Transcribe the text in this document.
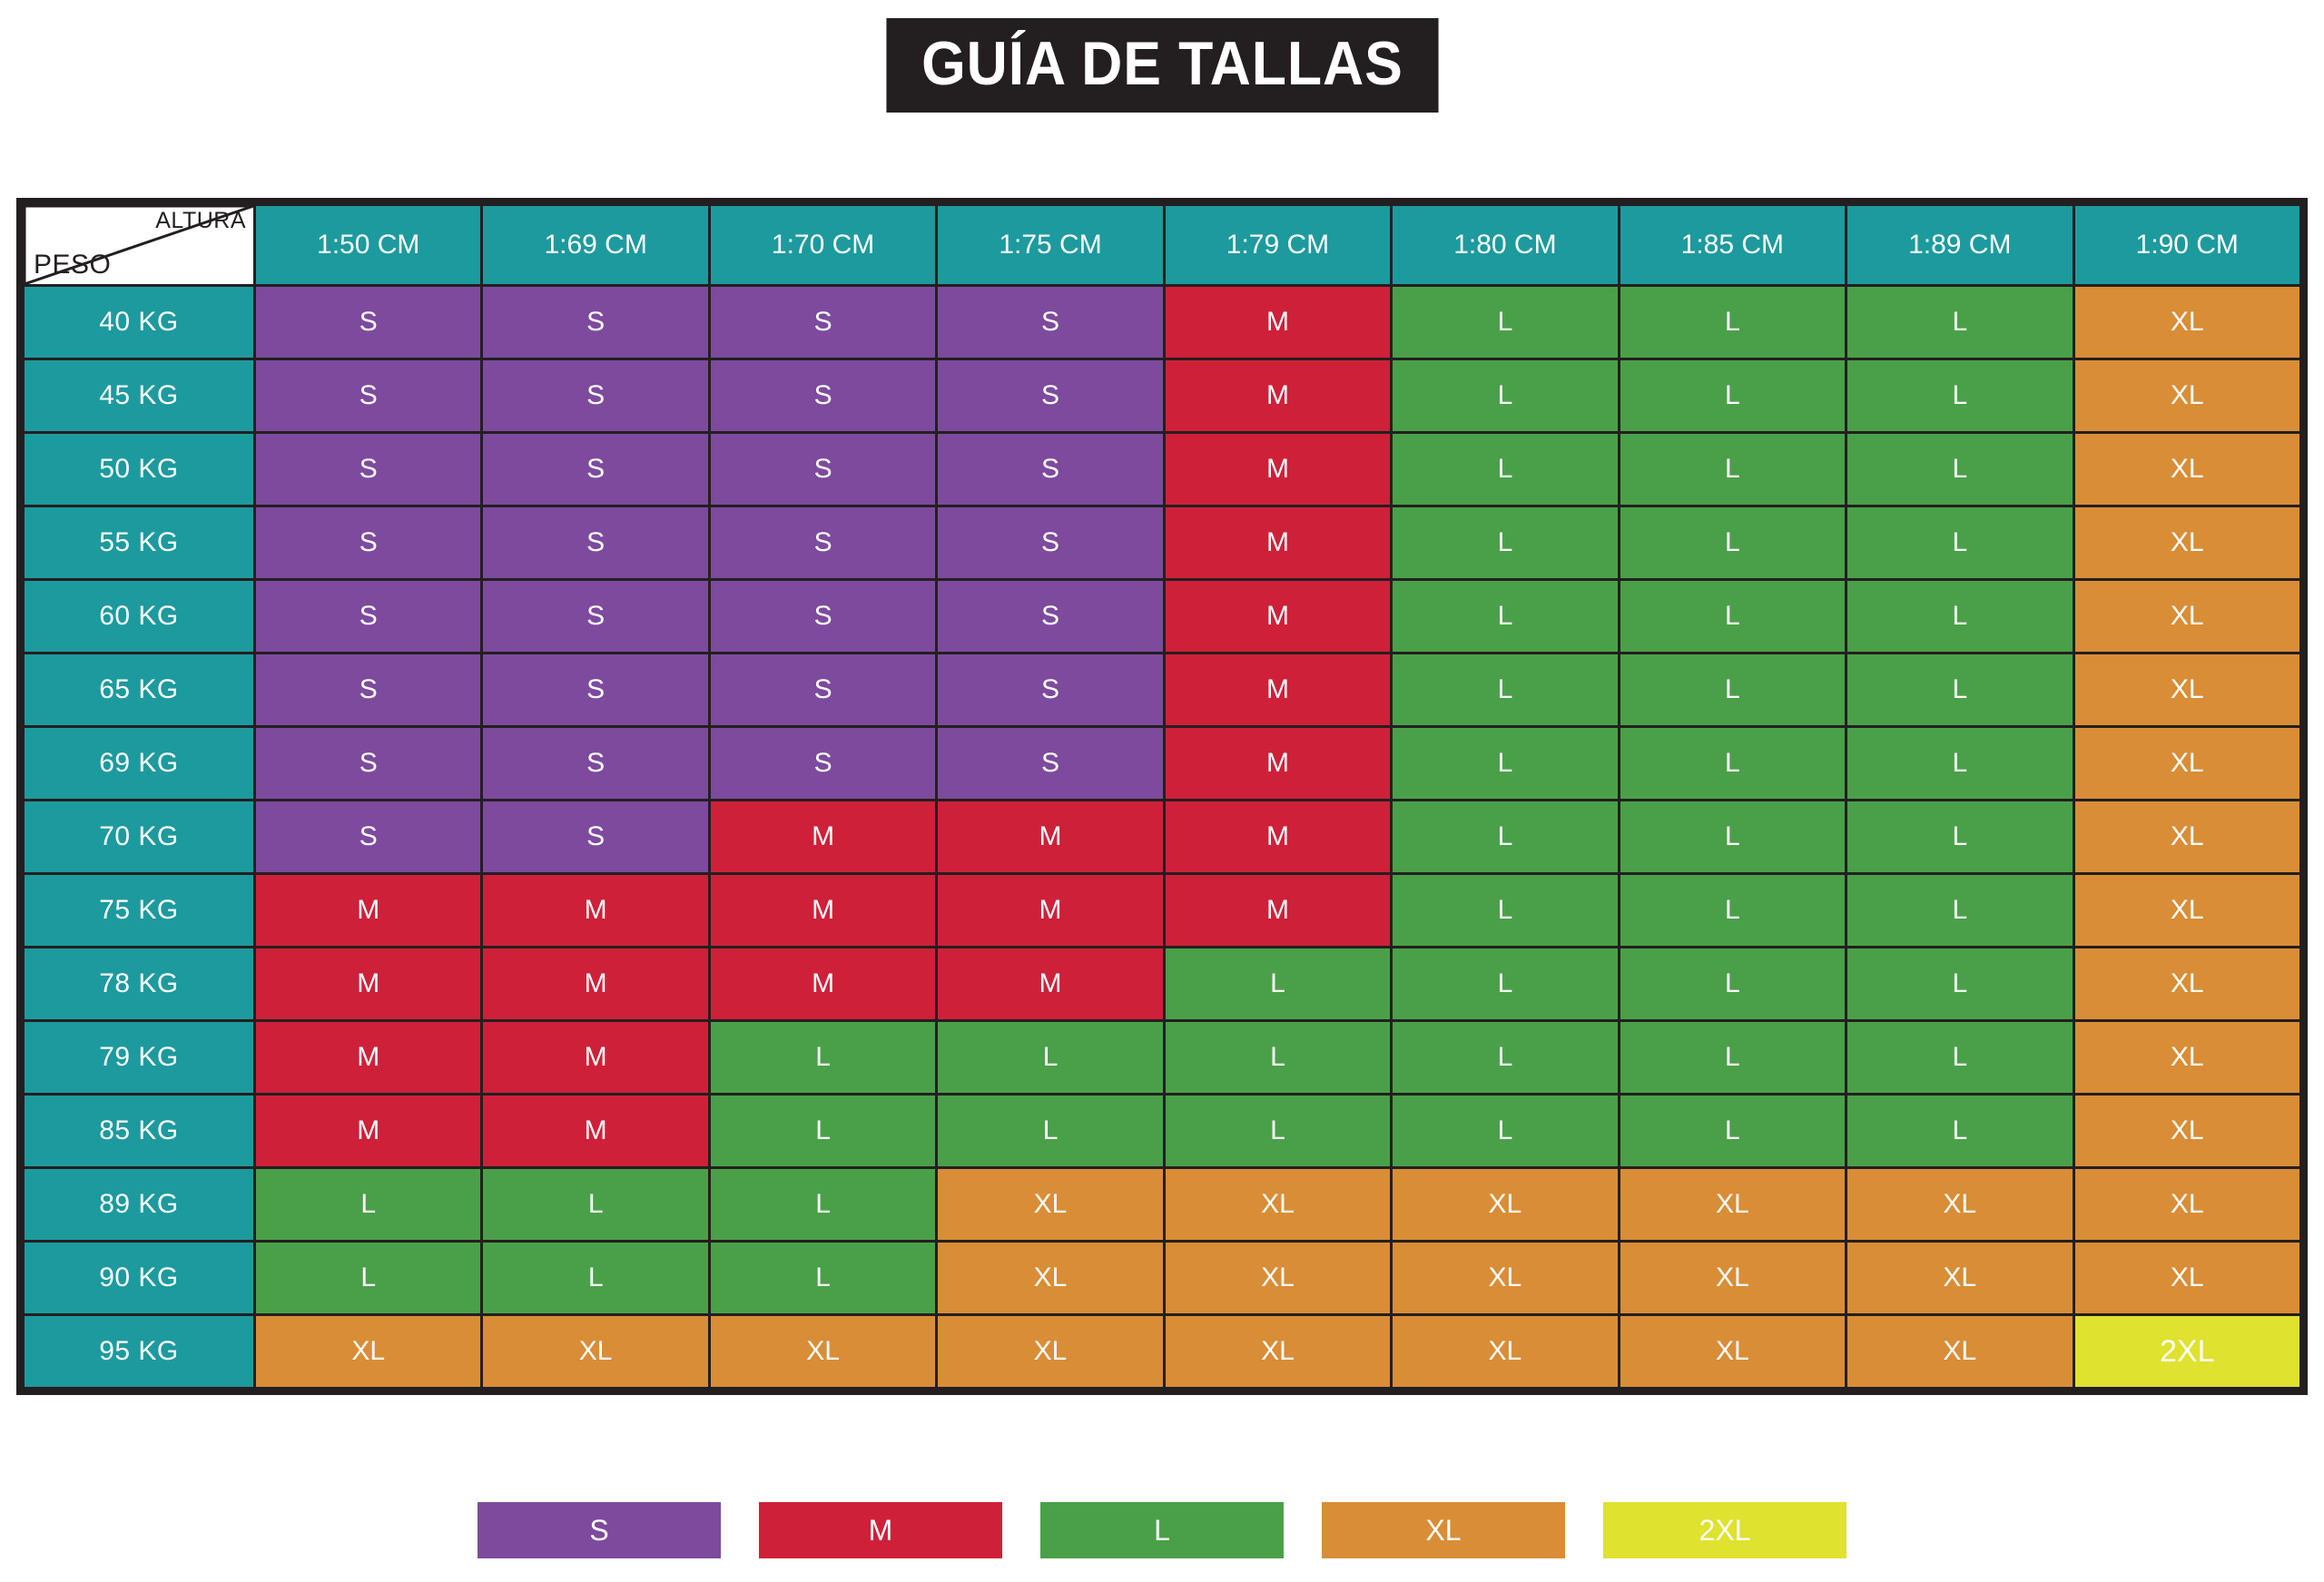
GUÍA DE TALLAS
ALTURA
PESO	1:50 CM	1:69 CM	1:70 CM	1:75 CM	1:79 CM	1:80 CM	1:85 CM	1:89 CM	1:90 CM
40 KG	S	S	S	S	M	L	L	L	XL
45 KG	S	S	S	S	M	L	L	L	XL
50 KG	S	S	S	S	M	L	L	L	XL
55 KG	S	S	S	S	M	L	L	L	XL
60 KG	S	S	S	S	M	L	L	L	XL
65 KG	S	S	S	S	M	L	L	L	XL
69 KG	S	S	S	S	M	L	L	L	XL
70 KG	S	S	M	M	M	L	L	L	XL
75 KG	M	M	M	M	M	L	L	L	XL
78 KG	M	M	M	M	L	L	L	L	XL
79 KG	M	M	L	L	L	L	L	L	XL
85 KG	M	M	L	L	L	L	L	L	XL
89 KG	L	L	L	XL	XL	XL	XL	XL	XL
90 KG	L	L	L	XL	XL	XL	XL	XL	XL
95 KG	XL	XL	XL	XL	XL	XL	XL	XL	2XL
S	M	L	XL	2XL
